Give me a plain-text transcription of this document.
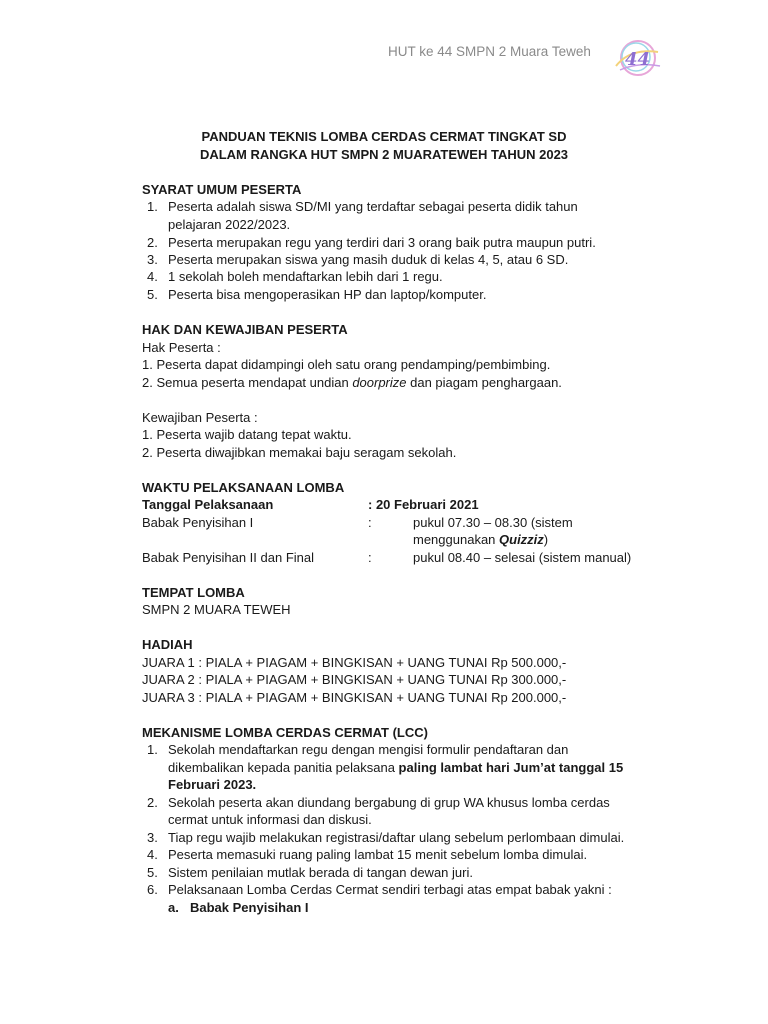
HUT ke 44 SMPN 2 Muara Teweh 44
PANDUAN TEKNIS LOMBA CERDAS CERMAT TINGKAT SD
DALAM RANGKA HUT SMPN 2 MUARATEWEH TAHUN 2023
SYARAT UMUM PESERTA
1. Peserta adalah siswa SD/MI yang terdaftar sebagai peserta didik tahun
pelajaran 2022/2023.
2. Peserta merupakan regu yang terdiri dari 3 orang baik putra maupun putri.
3. Peserta merupakan siswa yang masih duduk di kelas 4, 5, atau 6 SD.
4. 1 sekolah boleh mendaftarkan lebih dari 1 regu.
5. Peserta bisa mengoperasikan HP dan laptop/komputer.
HAK DAN KEWAJIBAN PESERTA
Hak Peserta :
1. Peserta dapat didampingi oleh satu orang pendamping/pembimbing.
2. Semua peserta mendapat undian doorprize dan piagam penghargaan.
Kewajiban Peserta :
1. Peserta wajib datang tepat waktu.
2. Peserta diwajibkan memakai baju seragam sekolah.
WAKTU PELAKSANAAN LOMBA
Tanggal Pelaksanaan	: 20 Februari 2021
Babak Penyisihan I	:	pukul 07.30 – 08.30 (sistem
menggunakan Quizziz)
Babak Penyisihan II dan Final	:	pukul 08.40 – selesai (sistem manual)
TEMPAT LOMBA
SMPN 2 MUARA TEWEH
HADIAH
JUARA 1 : PIALA + PIAGAM + BINGKISAN + UANG TUNAI Rp 500.000,-
JUARA 2 : PIALA + PIAGAM + BINGKISAN + UANG TUNAI Rp 300.000,-
JUARA 3 : PIALA + PIAGAM + BINGKISAN + UANG TUNAI Rp 200.000,-
MEKANISME LOMBA CERDAS CERMAT (LCC)
1. Sekolah mendaftarkan regu dengan mengisi formulir pendaftaran dan
dikembalikan kepada panitia pelaksana paling lambat hari Jum’at tanggal 15
Februari 2023.
2. Sekolah peserta akan diundang bergabung di grup WA khusus lomba cerdas
cermat untuk informasi dan diskusi.
3. Tiap regu wajib melakukan registrasi/daftar ulang sebelum perlombaan dimulai.
4. Peserta memasuki ruang paling lambat 15 menit sebelum lomba dimulai.
5. Sistem penilaian mutlak berada di tangan dewan juri.
6. Pelaksanaan Lomba Cerdas Cermat sendiri terbagi atas empat babak yakni :
a. Babak Penyisihan I
